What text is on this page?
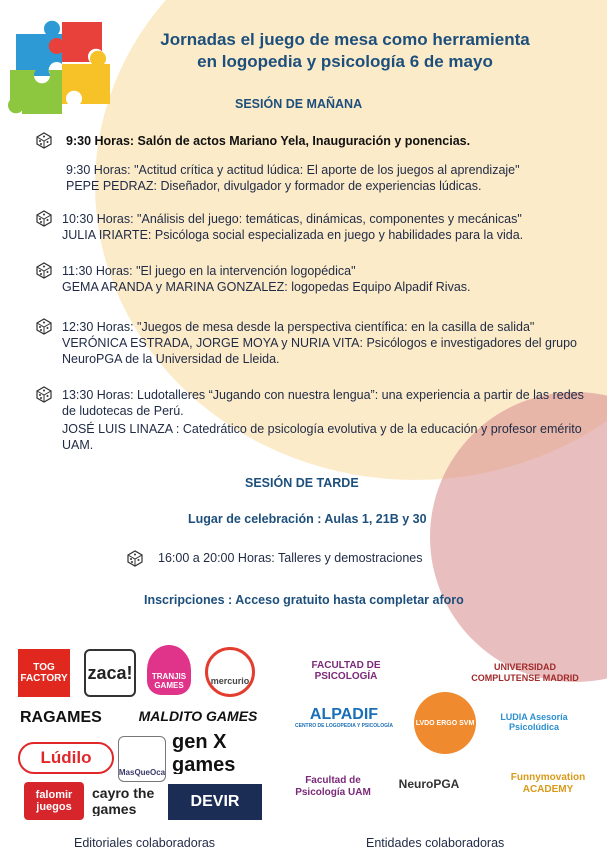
Jornadas el juego de mesa como herramienta
en logopedia y psicología 6 de mayo
SESIÓN DE MAÑANA
9:30 Horas: Salón de actos Mariano Yela, Inauguración y ponencias.
9:30 Horas: "Actitud crítica y actitud lúdica: El aporte de los juegos al aprendizaje"
PEPE PEDRAZ: Diseñador, divulgador y formador de experiencias lúdicas.
10:30 Horas: "Análisis del juego: temáticas, dinámicas, componentes y mecánicas"
JULIA IRIARTE: Psicóloga social especializada en juego y habilidades para la vida.
11:30 Horas: "El juego en la intervención logopédica"
GEMA ARANDA y MARINA GONZALEZ: logopedas Equipo Alpadif Rivas.
12:30 Horas: "Juegos de mesa desde la perspectiva científica: en la casilla de salida"
VERÓNICA ESTRADA, JORGE MOYA y NURIA VITA: Psicólogos e investigadores del grupo
NeuroPGA de la Universidad de Lleida.
13:30 Horas: Ludotalleres “Jugando con nuestra lengua”: una experiencia a partir de las redes
de ludotecas de Perú.
JOSÉ LUIS LINAZA : Catedrático de psicología evolutiva y de la educación y profesor emérito
UAM.
SESIÓN DE TARDE
Lugar de celebración : Aulas 1, 21B y 30
16:00 a 20:00 Horas: Talleres y demostraciones
Inscripciones : Acceso gratuito hasta completar aforo
TOG FACTORY zaca!	TRANJIS GAMES	mercurio
RAGAMES	MALDITO GAMES
Lúdilo
MasQueOca
gen X games
falomir juegos
cayro the games	DEVIR
FACULTAD DE PSICOLOGÍA
UNIVERSIDAD COMPLUTENSE MADRID
ALPADIF
CENTRO DE LOGOPEDIA Y PSICOLOGÍA	LVDO ERGO SVM
LUDIA Asesoría Psicolúdica
Facultad de Psicología UAM
NeuroPGA	Funnymovation ACADEMY
Editoriales colaboradoras	Entidades colaboradoras
